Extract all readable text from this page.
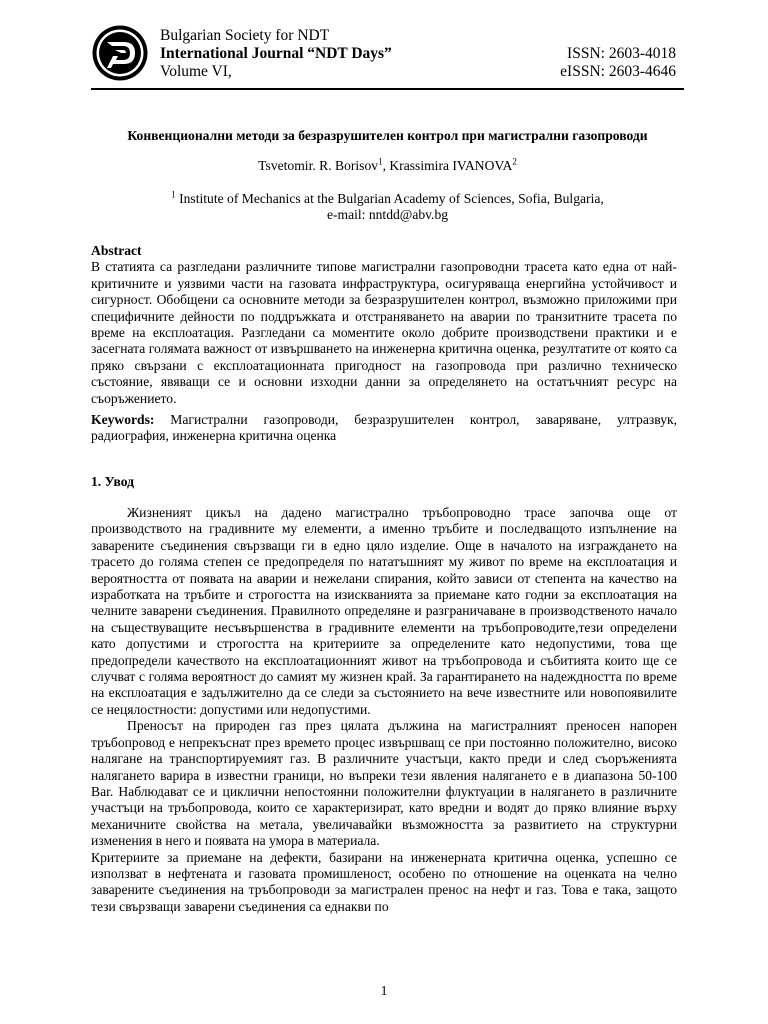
Bulgarian Society for NDT
International Journal “NDT Days”
Volume VI,
ISSN: 2603-4018
eISSN: 2603-4646
Конвенционални методи за безразрушителен контрол при магистрални газопроводи
Tsvetomir. R. Borisov$^1$, Krassimira IVANOVA$^2$
$^1$ Institute of Mechanics at the Bulgarian Academy of Sciences, Sofia, Bulgaria,
e-mail: nntdd@abv.bg
Abstract

В статията са разгледани различните типове магистрални газопроводни трасета като една от най-критичните и уязвими части на газовата инфраструктура, осигуряваща енергийна устойчивост и сигурност. Обобщени са основните методи за безразрушителен контрол, възможно приложими при специфичните дейности по поддръжката и отстраняването на аварии по транзитните трасета по време на експлоатация. Разгледани са моментите около добрите производствени практики и е засегната голямата важност от извършването на инженерна критична оценка, резултатите от която са пряко свързани с експлоатационната пригодност на газопровода при различно техническо състояние, явяващи се и основни изходни данни за определянето на остатъчният ресурс на съоръжението.

Keywords: Магистрални газопроводи, безразрушителен контрол, заваряване, ултразвук, радиография, инженерна критична оценка
1. Увод

Жизненият цикъл на дадено магистрално тръбопроводно трасе започва още от производството на градивните му елементи, а именно тръбите и последващото изпълнение на заварените съединения свързващи ги в едно цяло изделие. Още в началото на изграждането на трасето до голяма степен се предопределя по нататъшният му живот по време на експлоатация и вероятността от появата на аварии и нежелани спирания, който зависи от степента на качество на изработката на тръбите и строгостта на изискванията за приемане като годни за експлоатация на челните заварени съединения. Правилното определяне и разграничаване в производственото начало на съществуващите несъвършенства в градивните елементи на тръбопроводите,тези определени като допустими и строгостта на критериите за определените като недопустими, това ще предопредели качеството на експлоатационният живот на тръбопровода и събитията които ще се случват с голяма вероятност до самият му жизнен край. За гарантирането на надеждността по време на експлоатация е задължително да се следи за състоянието на вече известните или новопоявилите се нецялостности: допустими или недопустими.

Преносът на природен газ през цялата дължина на магистралният преносен напорен тръбопровод е непрекъснат през времето процес извършващ се при постоянно положително, високо налягане на транспортируемият газ. В различните участъци, както преди и след съоръженията налягането варира в известни граници, но въпреки тези явления налягането е в диапазона 50-100 Bar. Наблюдават се и циклични непостоянни положителни флуктуации в налягането в различните участъци на тръбопровода, които се характеризират, като вредни и водят до пряко влияние върху механичните свойства на метала, увеличавайки възможността за развитието на структурни изменения в него и появата на умора в материала.

Критериите за приемане на дефекти, базирани на инженерната критична оценка, успешно се използват в нефтената и газовата промишленост, особено по отношение на оценката на челно заварените съединения на тръбопроводи за магистрален пренос на нефт и газ. Това е така, защото тези свързващи заварени съединения са еднакви по

1
